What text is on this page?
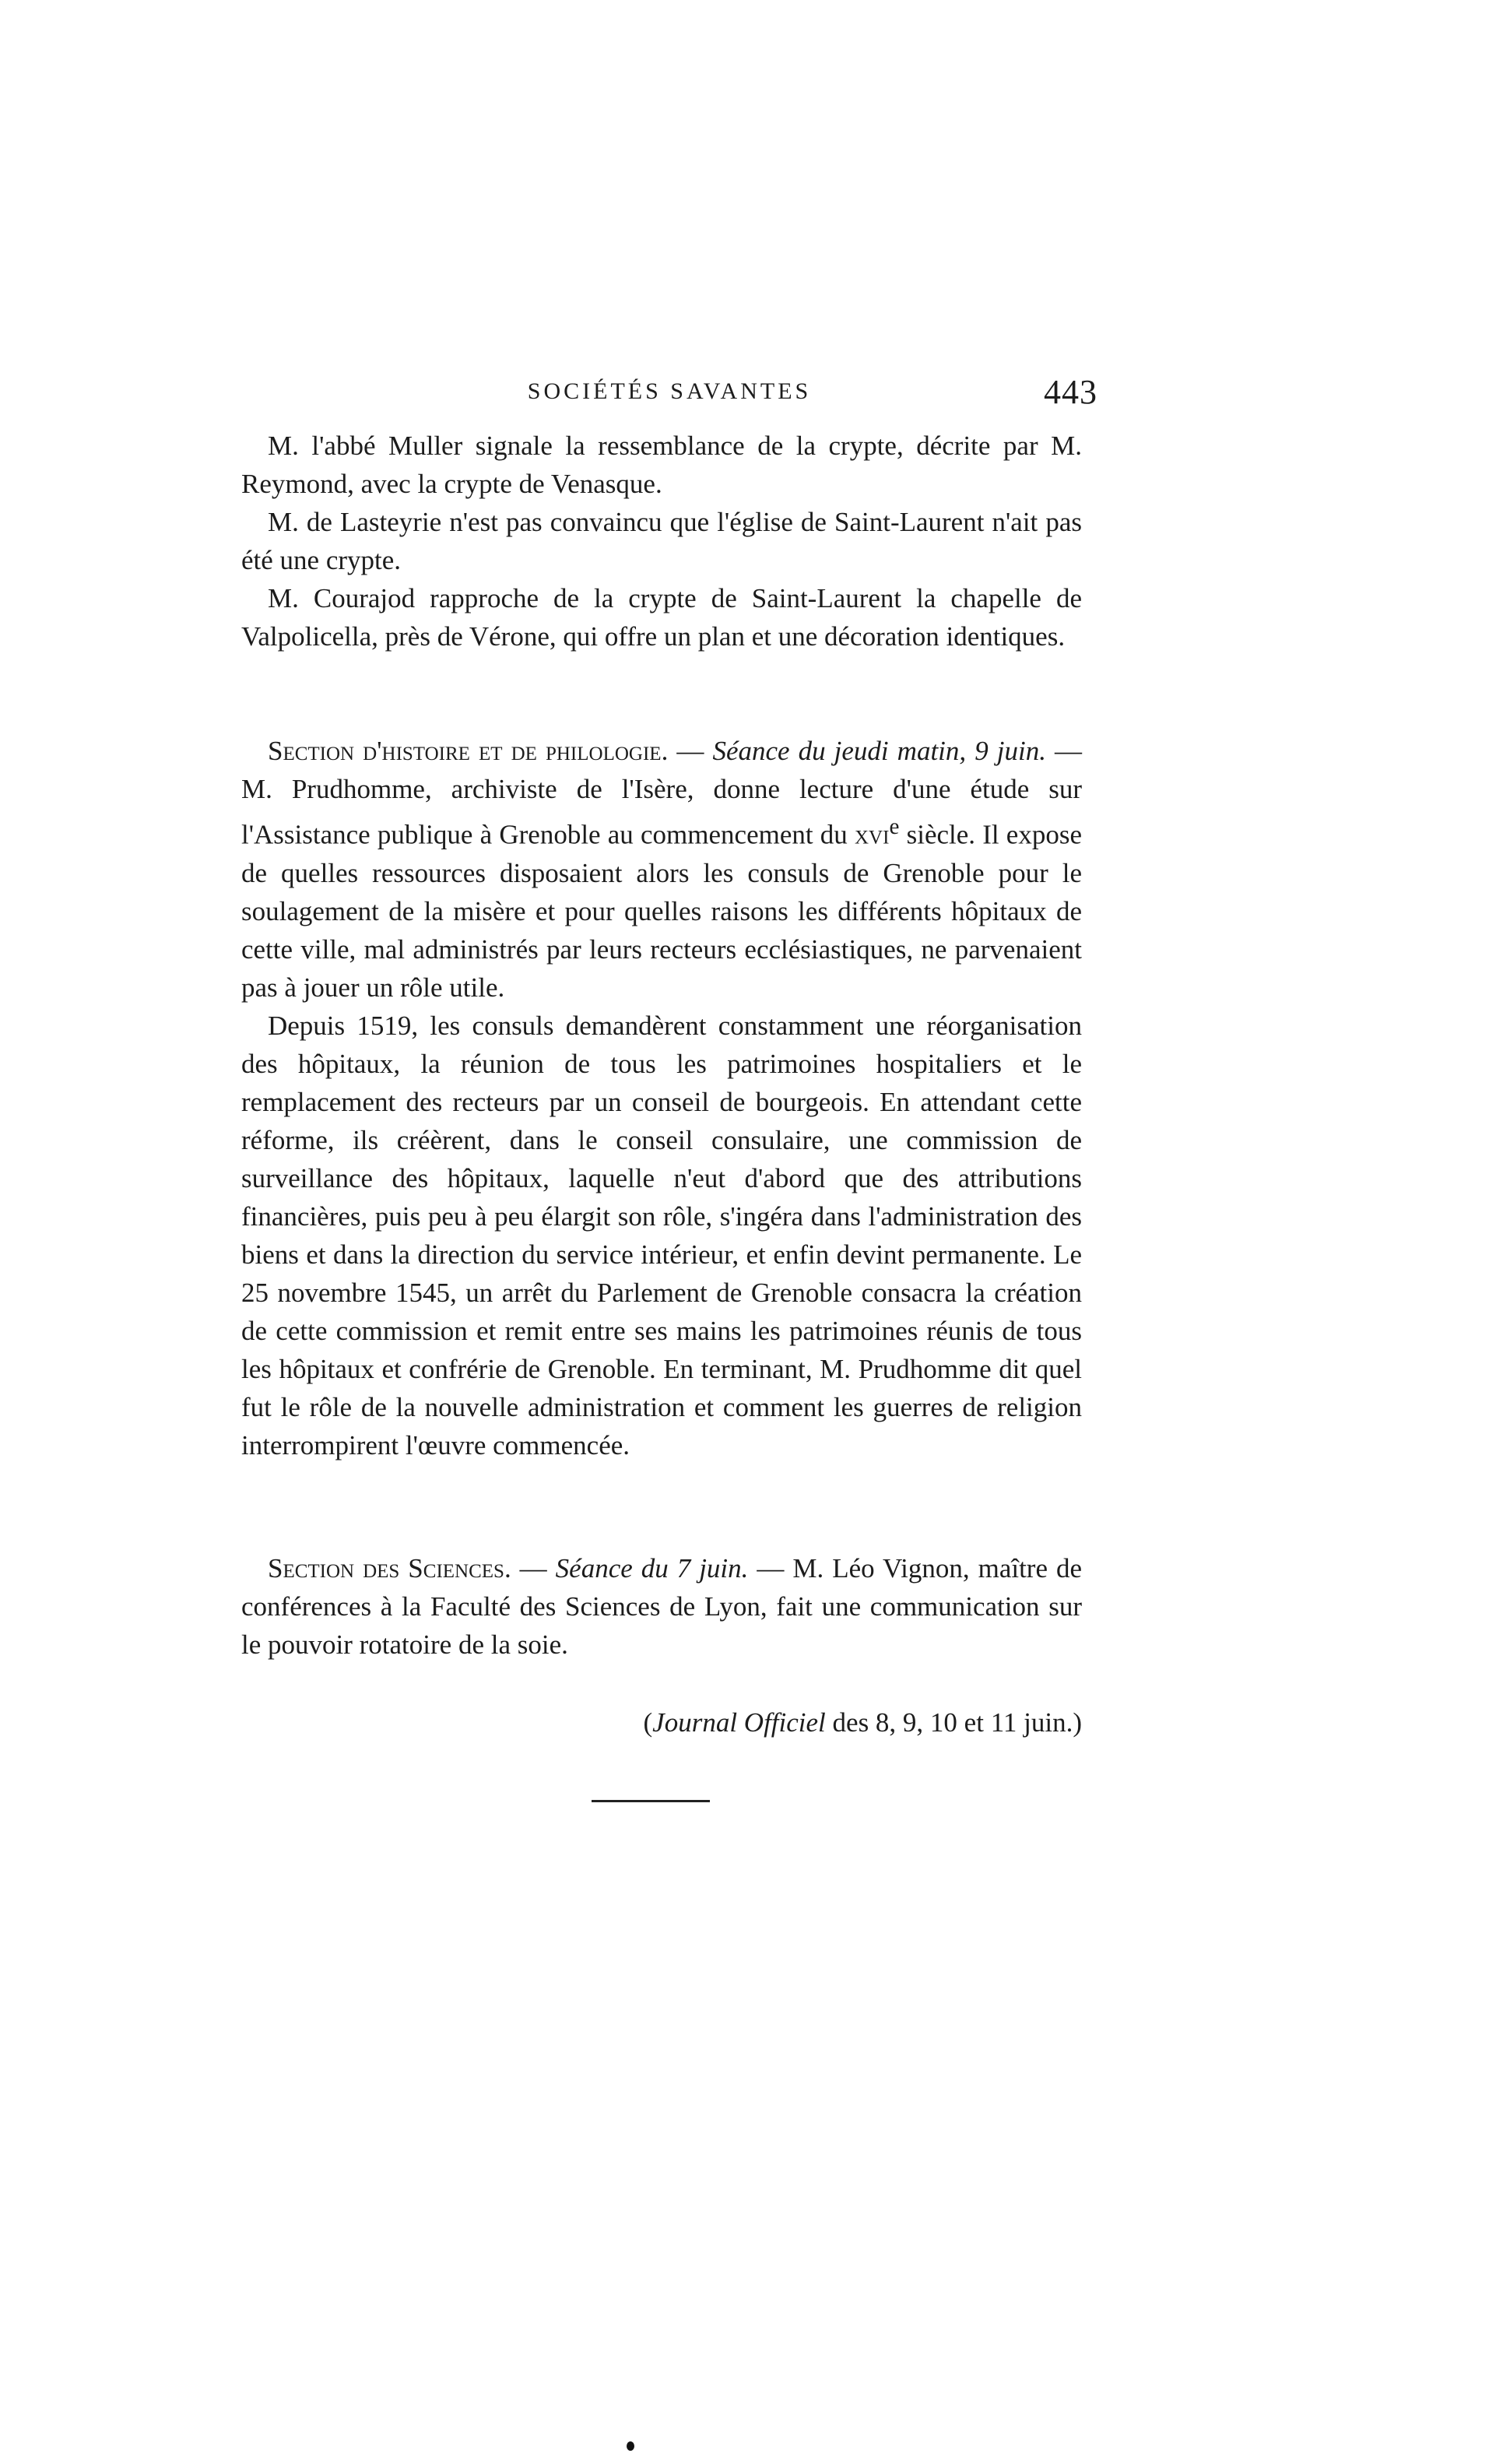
SOCIÉTÉS SAVANTES	443

M. l'abbé Muller signale la ressemblance de la crypte, décrite par M. Reymond, avec la crypte de Venasque.

M. de Lasteyrie n'est pas convaincu que l'église de Saint-Laurent n'ait pas été une crypte.

M. Courajod rapproche de la crypte de Saint-Laurent la chapelle de Valpolicella, près de Vérone, qui offre un plan et une décoration identiques.

Section d'histoire et de philologie. — Séance du jeudi matin, 9 juin. — M. Prudhomme, archiviste de l'Isère, donne lecture d'une étude sur l'Assistance publique à Grenoble au commencement du xvi$^e$ siècle. Il expose de quelles ressources disposaient alors les consuls de Grenoble pour le soulagement de la misère et pour quelles raisons les différents hôpitaux de cette ville, mal administrés par leurs recteurs ecclésiastiques, ne parvenaient pas à jouer un rôle utile.

Depuis 1519, les consuls demandèrent constamment une réorganisation des hôpitaux, la réunion de tous les patrimoines hospitaliers et le remplacement des recteurs par un conseil de bourgeois. En attendant cette réforme, ils créèrent, dans le conseil consulaire, une commission de surveillance des hôpitaux, laquelle n'eut d'abord que des attributions financières, puis peu à peu élargit son rôle, s'ingéra dans l'administration des biens et dans la direction du service intérieur, et enfin devint permanente. Le 25 novembre 1545, un arrêt du Parlement de Grenoble consacra la création de cette commission et remit entre ses mains les patrimoines réunis de tous les hôpitaux et confrérie de Grenoble. En terminant, M. Prudhomme dit quel fut le rôle de la nouvelle administration et comment les guerres de religion interrompirent l'œuvre commencée.

Section des Sciences. — Séance du 7 juin. — M. Léo Vignon, maître de conférences à la Faculté des Sciences de Lyon, fait une communication sur le pouvoir rotatoire de la soie.

(Journal Officiel des 8, 9, 10 et 11 juin.)
